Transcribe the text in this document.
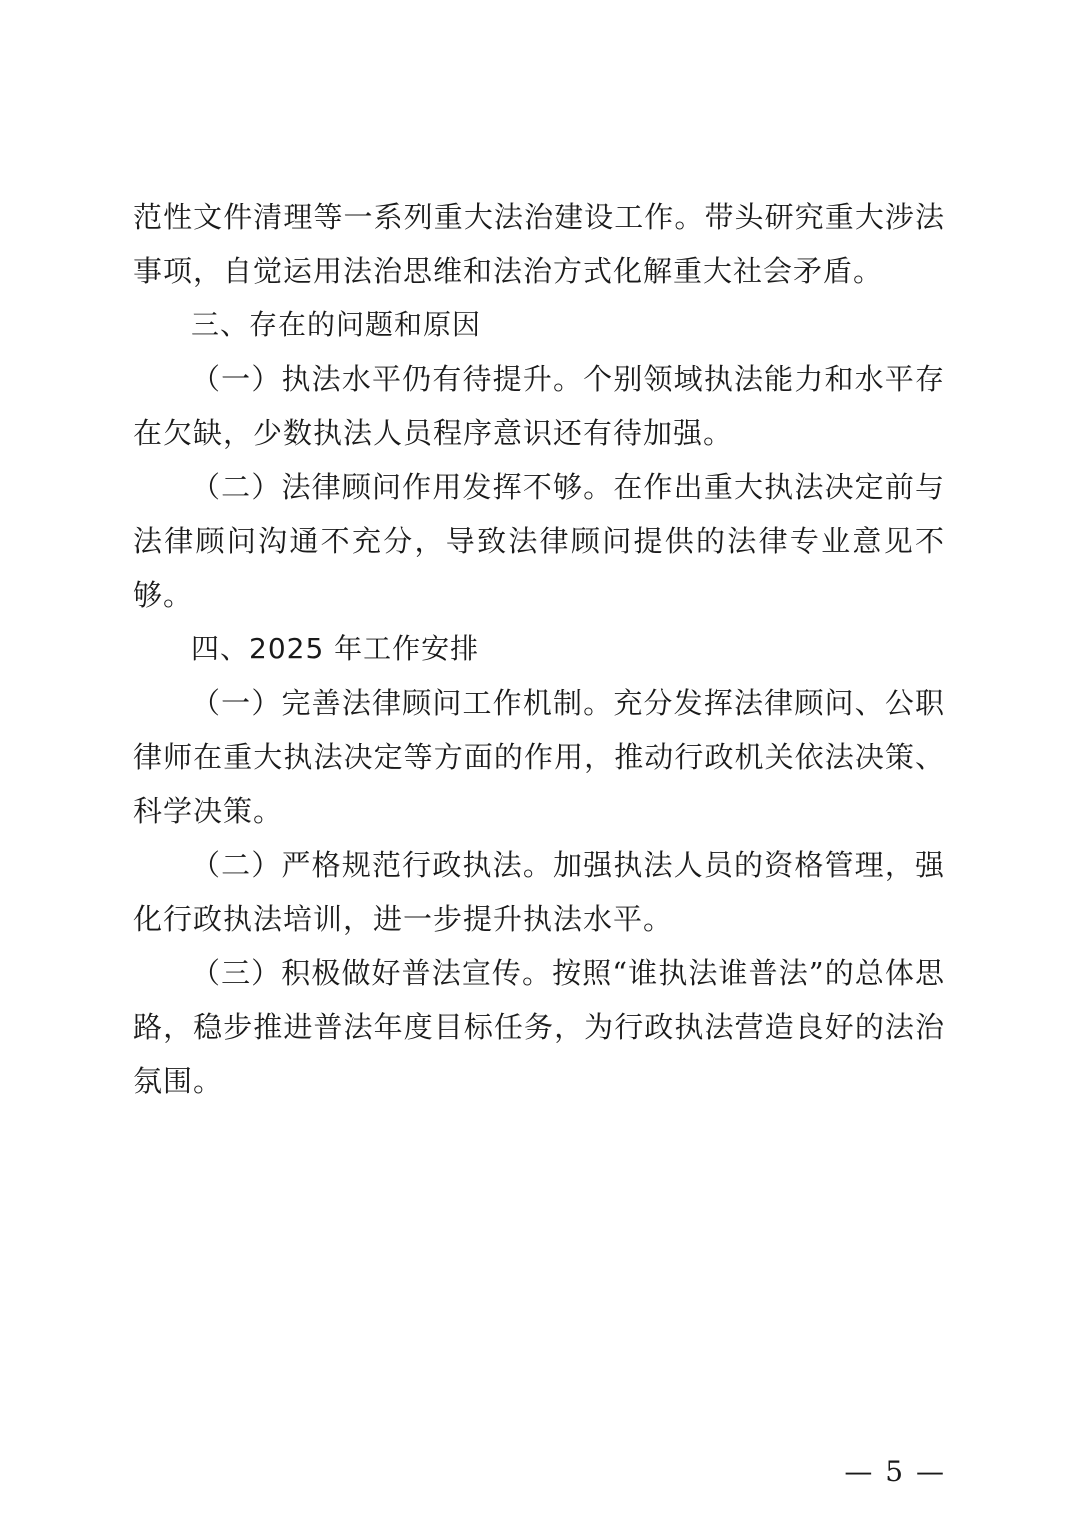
范性文件清理等一系列重大法治建设工作。带头研究重大涉法事项，自觉运用法治思维和法治方式化解重大社会矛盾。

三、存在的问题和原因

（一）执法水平仍有待提升。个别领域执法能力和水平存在欠缺，少数执法人员程序意识还有待加强。

（二）法律顾问作用发挥不够。在作出重大执法决定前与法律顾问沟通不充分，导致法律顾问提供的法律专业意见不够。

四、2025 年工作安排

（一）完善法律顾问工作机制。充分发挥法律顾问、公职律师在重大执法决定等方面的作用，推动行政机关依法决策、科学决策。

（二）严格规范行政执法。加强执法人员的资格管理，强化行政执法培训，进一步提升执法水平。

（三）积极做好普法宣传。按照“谁执法谁普法”的总体思路，稳步推进普法年度目标任务，为行政执法营造良好的法治氛围。

— 5 —
